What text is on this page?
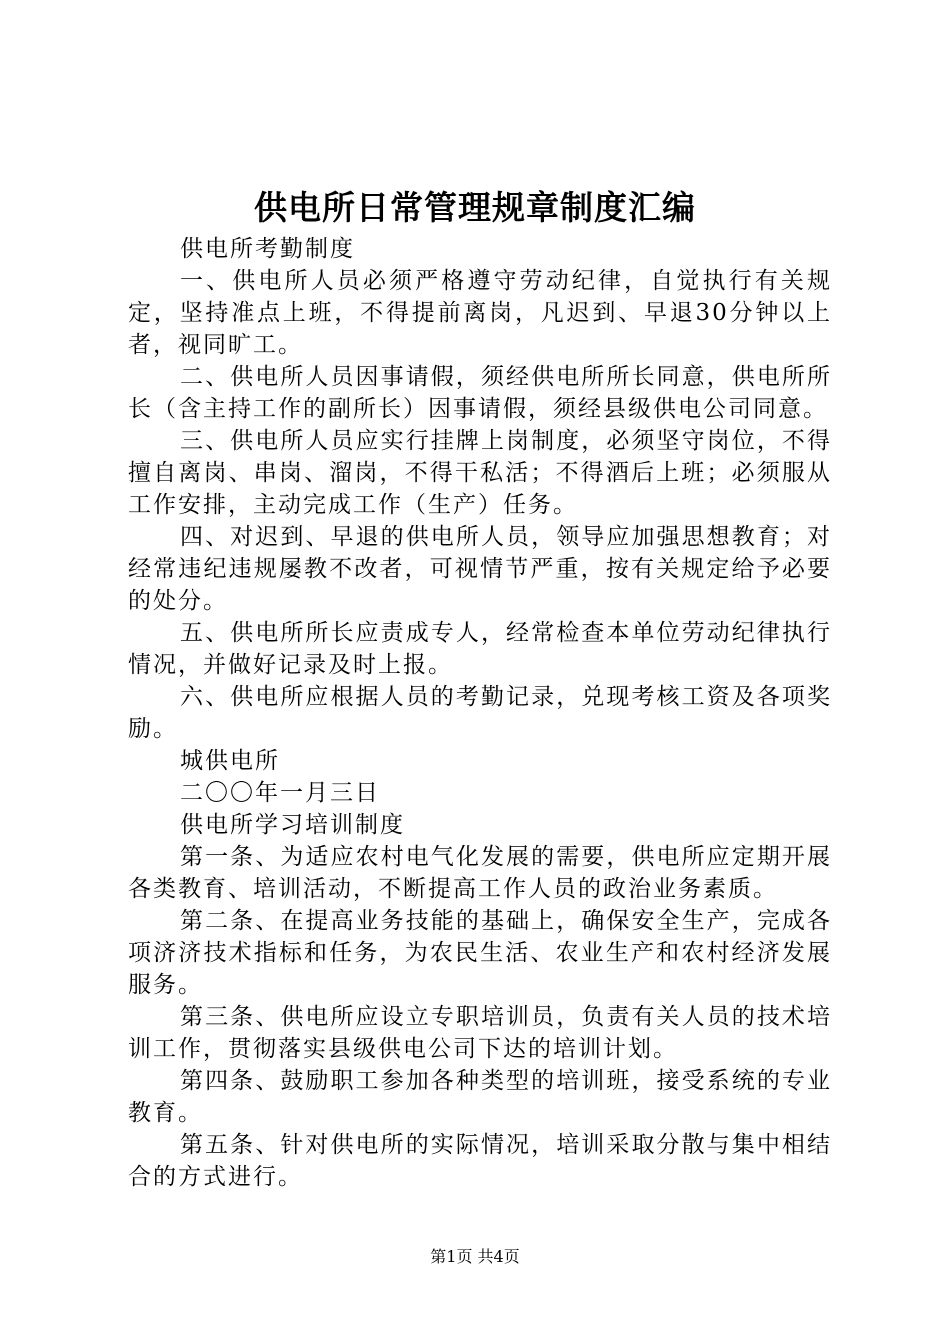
供电所日常管理规章制度汇编

供电所考勤制度

一、供电所人员必须严格遵守劳动纪律，自觉执行有关规定，坚持准点上班，不得提前离岗，凡迟到、早退30分钟以上者，视同旷工。

二、供电所人员因事请假，须经供电所所长同意，供电所所长（含主持工作的副所长）因事请假，须经县级供电公司同意。

三、供电所人员应实行挂牌上岗制度，必须坚守岗位，不得擅自离岗、串岗、溜岗，不得干私活；不得酒后上班；必须服从工作安排，主动完成工作（生产）任务。

四、对迟到、早退的供电所人员，领导应加强思想教育；对经常违纪违规屡教不改者，可视情节严重，按有关规定给予必要的处分。

五、供电所所长应责成专人，经常检查本单位劳动纪律执行情况，并做好记录及时上报。

六、供电所应根据人员的考勤记录，兑现考核工资及各项奖励。

城供电所

二〇〇年一月三日

供电所学习培训制度

第一条、为适应农村电气化发展的需要，供电所应定期开展各类教育、培训活动，不断提高工作人员的政治业务素质。

第二条、在提高业务技能的基础上，确保安全生产，完成各项济济技术指标和任务，为农民生活、农业生产和农村经济发展服务。

第三条、供电所应设立专职培训员，负责有关人员的技术培训工作，贯彻落实县级供电公司下达的培训计划。

第四条、鼓励职工参加各种类型的培训班，接受系统的专业教育。

第五条、针对供电所的实际情况，培训采取分散与集中相结合的方式进行。

第1页 共4页
